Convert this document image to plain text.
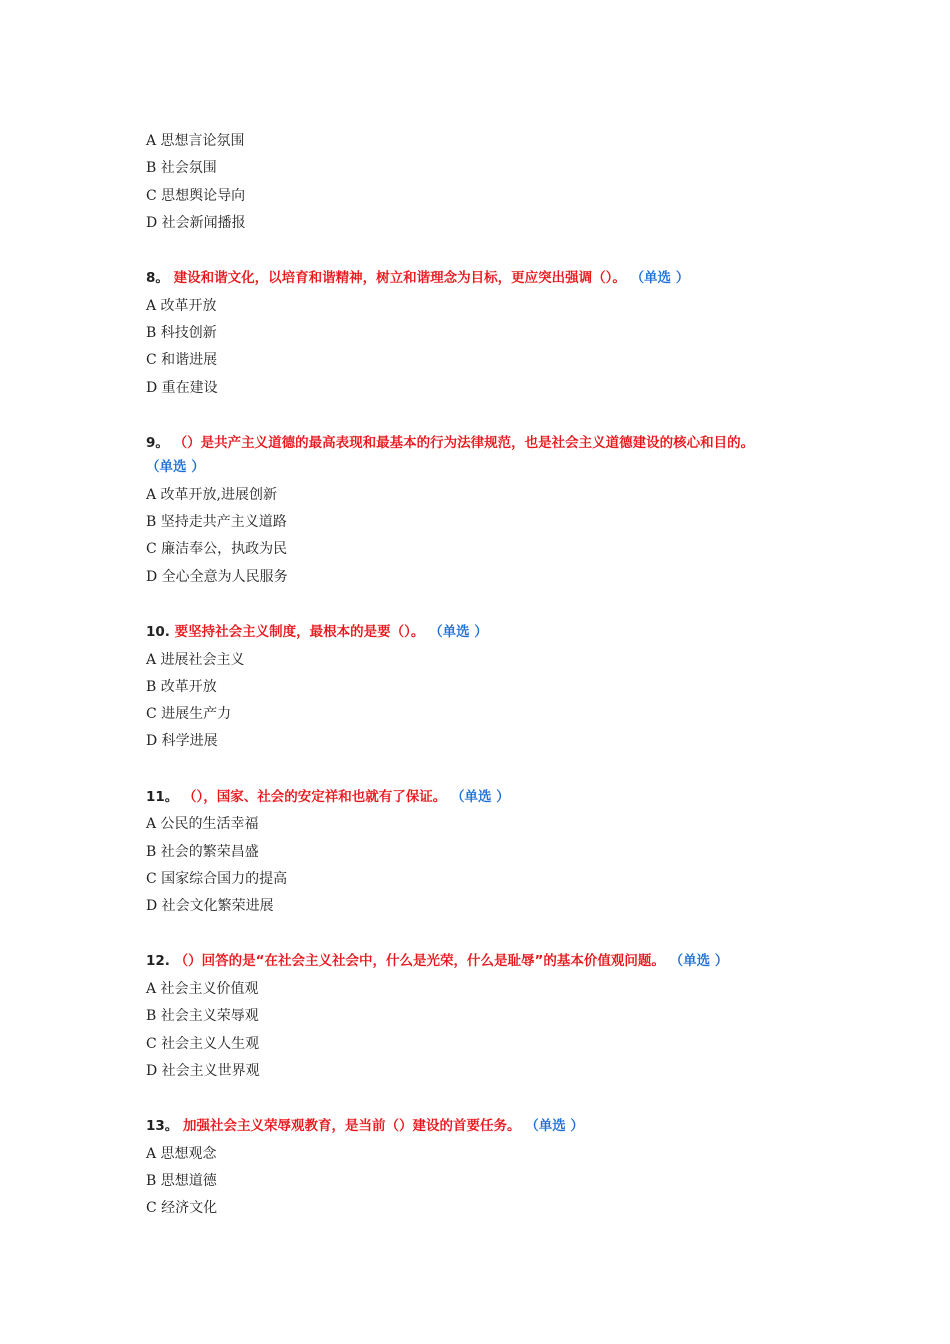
A 思想言论氛围
B 社会氛围
C 思想舆论导向
D 社会新闻播报
8。 建设和谐文化，以培育和谐精神，树立和谐理念为目标，更应突出强调（）。 （单选 ）
A 改革开放
B 科技创新
C 和谐进展
D 重在建设
9。 （）是共产主义道德的最高表现和最基本的行为法律规范，也是社会主义道德建设的核心和目的。
（单选 ）
A 改革开放,进展创新
B 坚持走共产主义道路
C 廉洁奉公，执政为民
D 全心全意为人民服务
10. 要坚持社会主义制度，最根本的是要（）。 （单选 ）
A 进展社会主义
B 改革开放
C 进展生产力
D 科学进展
11。 （），国家、社会的安定祥和也就有了保证。 （单选 ）
A 公民的生活幸福
B 社会的繁荣昌盛
C 国家综合国力的提高
D 社会文化繁荣进展
12. （）回答的是“在社会主义社会中，什么是光荣，什么是耻辱”的基本价值观问题。 （单选 ）
A 社会主义价值观
B 社会主义荣辱观
C 社会主义人生观
D 社会主义世界观
13。 加强社会主义荣辱观教育，是当前（）建设的首要任务。 （单选 ）
A 思想观念
B 思想道德
C 经济文化
